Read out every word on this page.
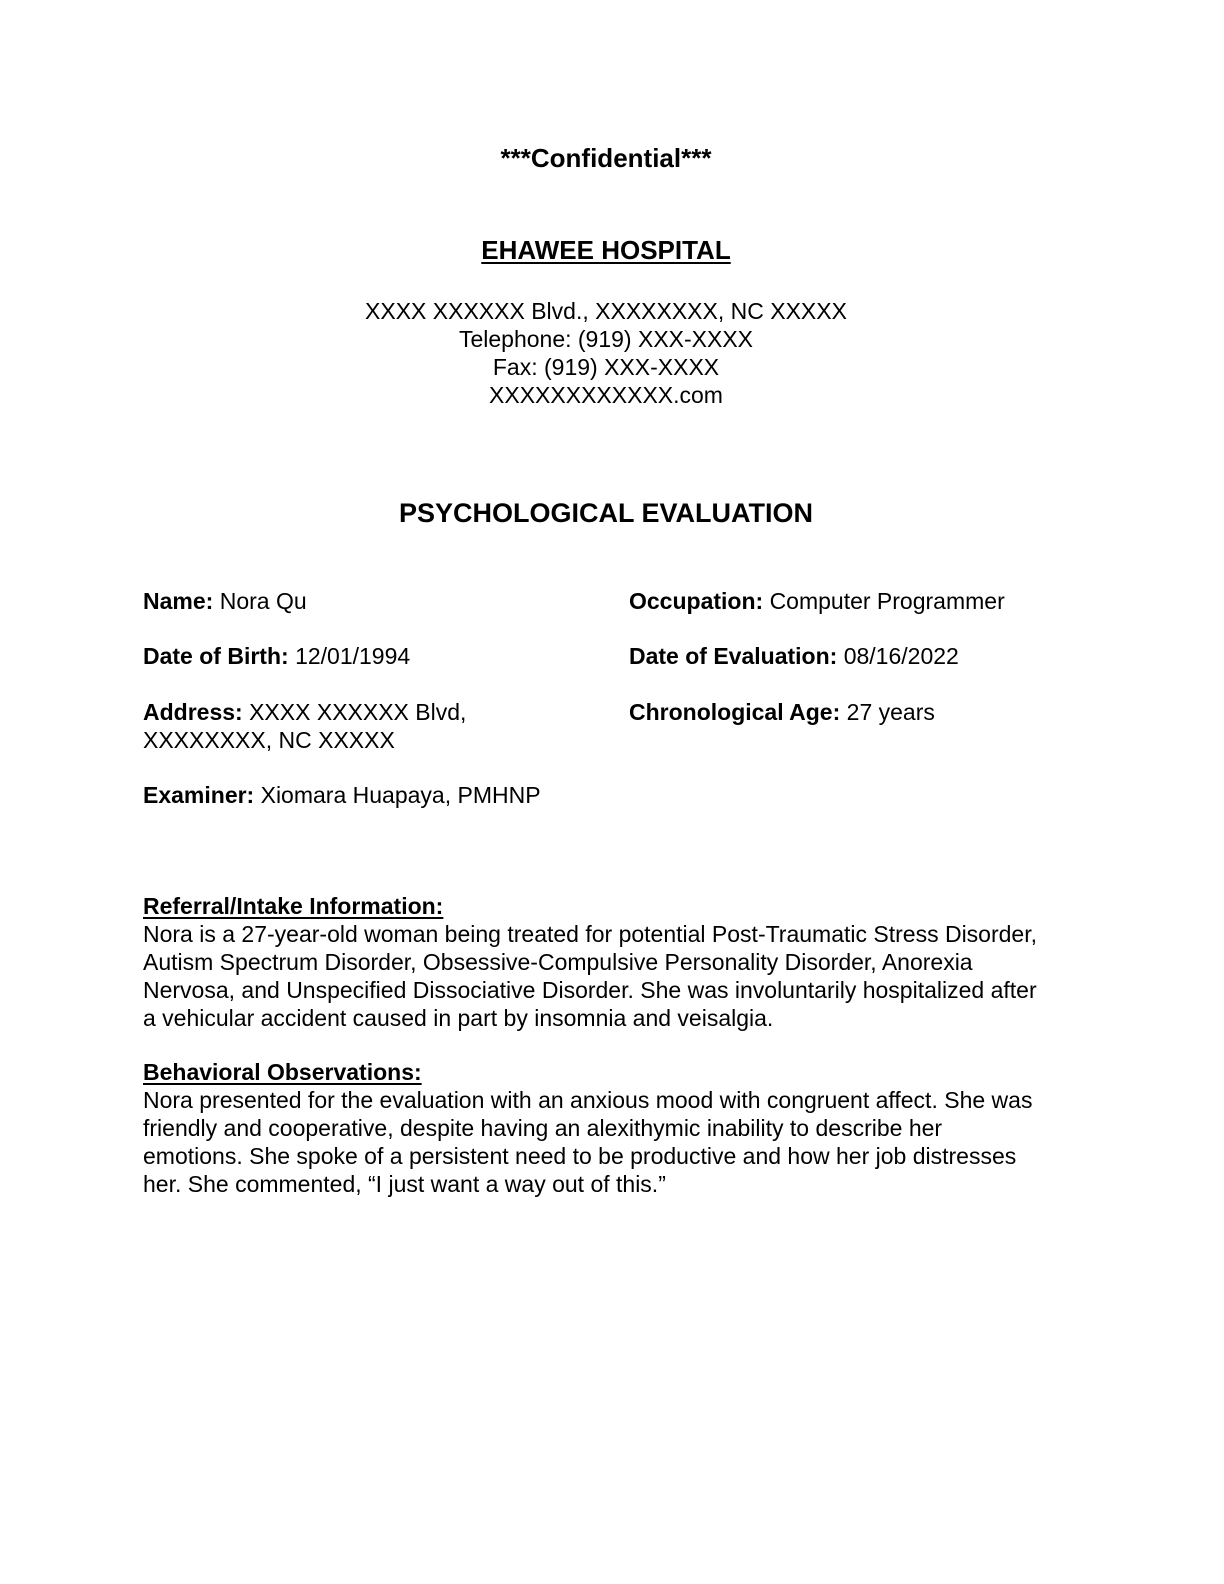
***Confidential***
EHAWEE HOSPITAL
XXXX XXXXXX Blvd., XXXXXXXX, NC XXXXX
Telephone: (919) XXX-XXXX
Fax: (919) XXX-XXXX
XXXXXXXXXXXX.com
PSYCHOLOGICAL EVALUATION
Name: Nora Qu
Date of Birth: 12/01/1994
Address: XXXX XXXXXX Blvd,
XXXXXXXX, NC XXXXX
Examiner: Xiomara Huapaya, PMHNP
Occupation: Computer Programmer
Date of Evaluation: 08/16/2022
Chronological Age: 27 years
Referral/Intake Information:
Nora is a 27-year-old woman being treated for potential Post-Traumatic Stress Disorder,
Autism Spectrum Disorder, Obsessive-Compulsive Personality Disorder, Anorexia
Nervosa, and Unspecified Dissociative Disorder. She was involuntarily hospitalized after
a vehicular accident caused in part by insomnia and veisalgia.
Behavioral Observations:
Nora presented for the evaluation with an anxious mood with congruent affect. She was
friendly and cooperative, despite having an alexithymic inability to describe her
emotions. She spoke of a persistent need to be productive and how her job distresses
her. She commented, “I just want a way out of this.”
